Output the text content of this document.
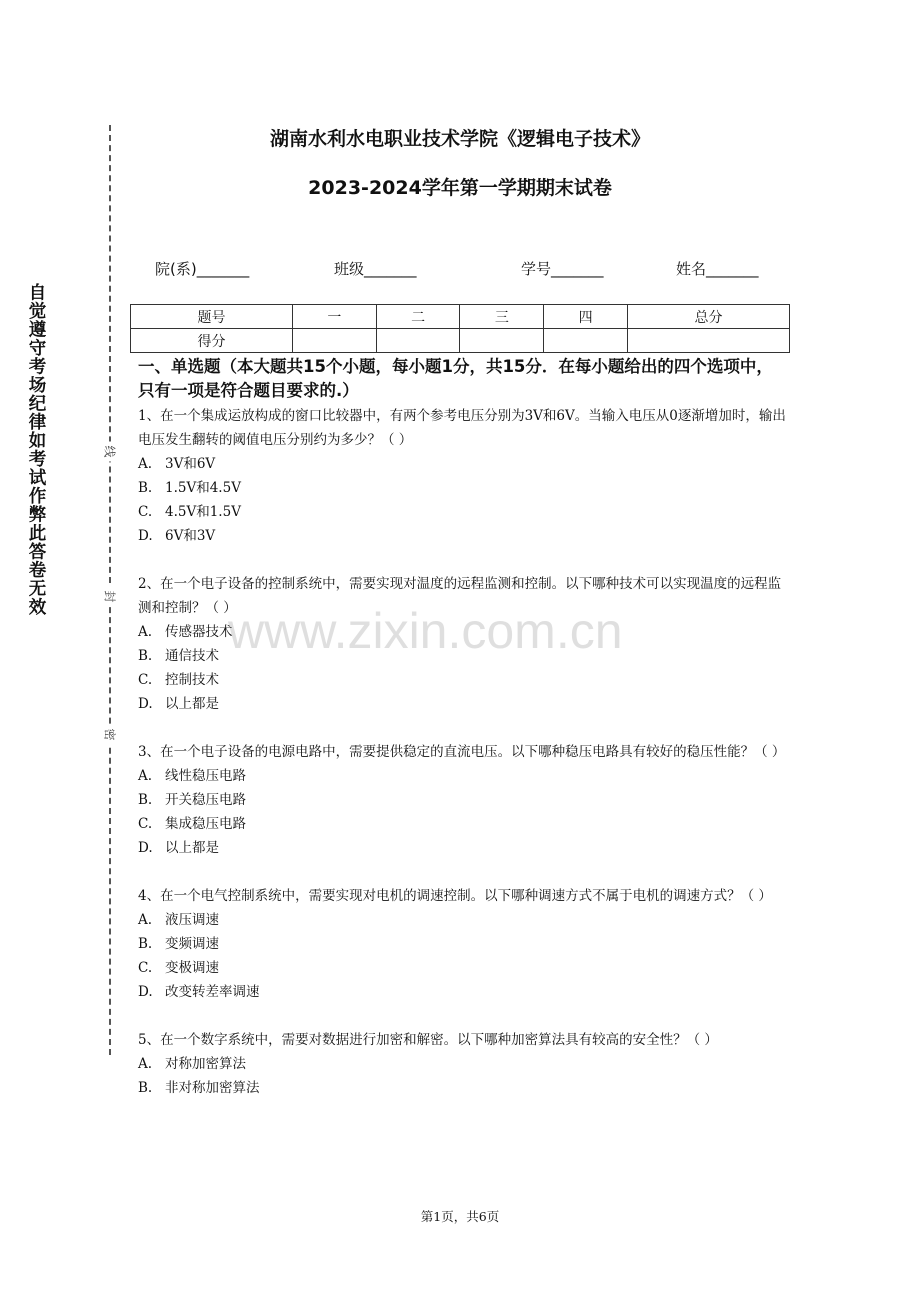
湖南水利水电职业技术学院《逻辑电子技术》
2023-2024学年第一学期期末试卷
自觉遵守考场纪律如考试作弊此答卷无效	线
封
密
院(系)_______	班级_______	学号_______	姓名_______
题号	一	二	三	四	总分
得分					
一、单选题（本大题共15个小题，每小题1分，共15分．在每小题给出的四个选项中，只有一项是符合题目要求的.）
1、在一个集成运放构成的窗口比较器中，有两个参考电压分别为3V和6V。当输入电压从0逐渐增加时，输出电压发生翻转的阈值电压分别约为多少？（ ）
A. 3V和6V
B. 1.5V和4.5V
C. 4.5V和1.5V
D. 6V和3V
2、在一个电子设备的控制系统中，需要实现对温度的远程监测和控制。以下哪种技术可以实现温度的远程监测和控制？（ ）
A. 传感器技术
B. 通信技术
C. 控制技术
D. 以上都是
3、在一个电子设备的电源电路中，需要提供稳定的直流电压。以下哪种稳压电路具有较好的稳压性能？（ ）
A. 线性稳压电路
B. 开关稳压电路
C. 集成稳压电路
D. 以上都是
4、在一个电气控制系统中，需要实现对电机的调速控制。以下哪种调速方式不属于电机的调速方式？（ ）
A. 液压调速
B. 变频调速
C. 变极调速
D. 改变转差率调速
5、在一个数字系统中，需要对数据进行加密和解密。以下哪种加密算法具有较高的安全性？（ ）
A. 对称加密算法
B. 非对称加密算法
www.zixin.com.cn
第1页，共6页
